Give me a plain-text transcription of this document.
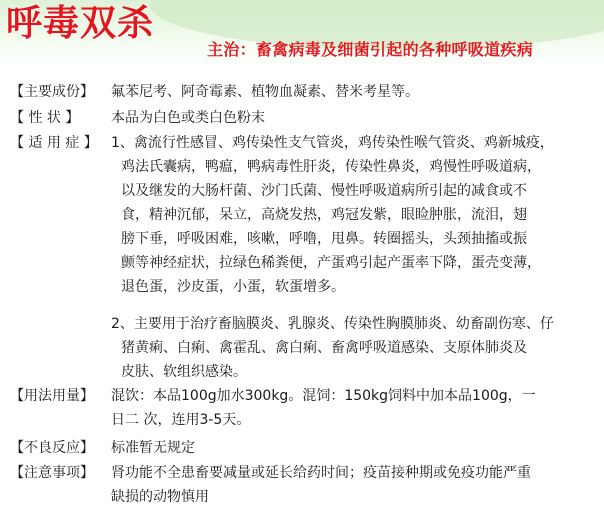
呼毒双杀
主治：畜禽病毒及细菌引起的各种呼吸道疾病
【主要成份】 氟苯尼考、阿奇霉素、植物血凝素、替米考星等。
【 性 状 】 本品为白色或类白色粉末
【 适 用 症 】 1、禽流行性感冒、鸡传染性支气管炎，鸡传染性喉气管炎、鸡新城疫，
鸡法氏囊病，鸭瘟，鸭病毒性肝炎，传染性鼻炎，鸡慢性呼吸道病，
以及继发的大肠杆菌、沙门氏菌、慢性呼吸道病所引起的减食或不
食，精神沉郁，呆立，高烧发热，鸡冠发紫，眼睑肿胀，流泪，翅
膀下垂，呼吸困难，咳嗽，呼噜，甩鼻。转圈摇头，头颈抽搐或振
颤等神经症状，拉绿色稀粪便，产蛋鸡引起产蛋率下降，蛋壳变薄，
退色蛋，沙皮蛋，小蛋，软蛋增多。
2、主要用于治疗畜脑膜炎、乳腺炎、传染性胸膜肺炎、幼畜副伤寒、仔
猪黄痢、白痢、禽霍乱、禽白痢、畜禽呼吸道感染、支原体肺炎及
皮肤、软组织感染。
【用法用量】 混饮：本品100g加水300kg。混饲：150kg饲料中加本品100g，一
日二 次，连用3-5天。
【不良反应】 标准暂无规定
【注意事项】 肾功能不全患畜要减量或延长给药时间；疫苗接种期或免疫功能严重
缺损的动物慎用
